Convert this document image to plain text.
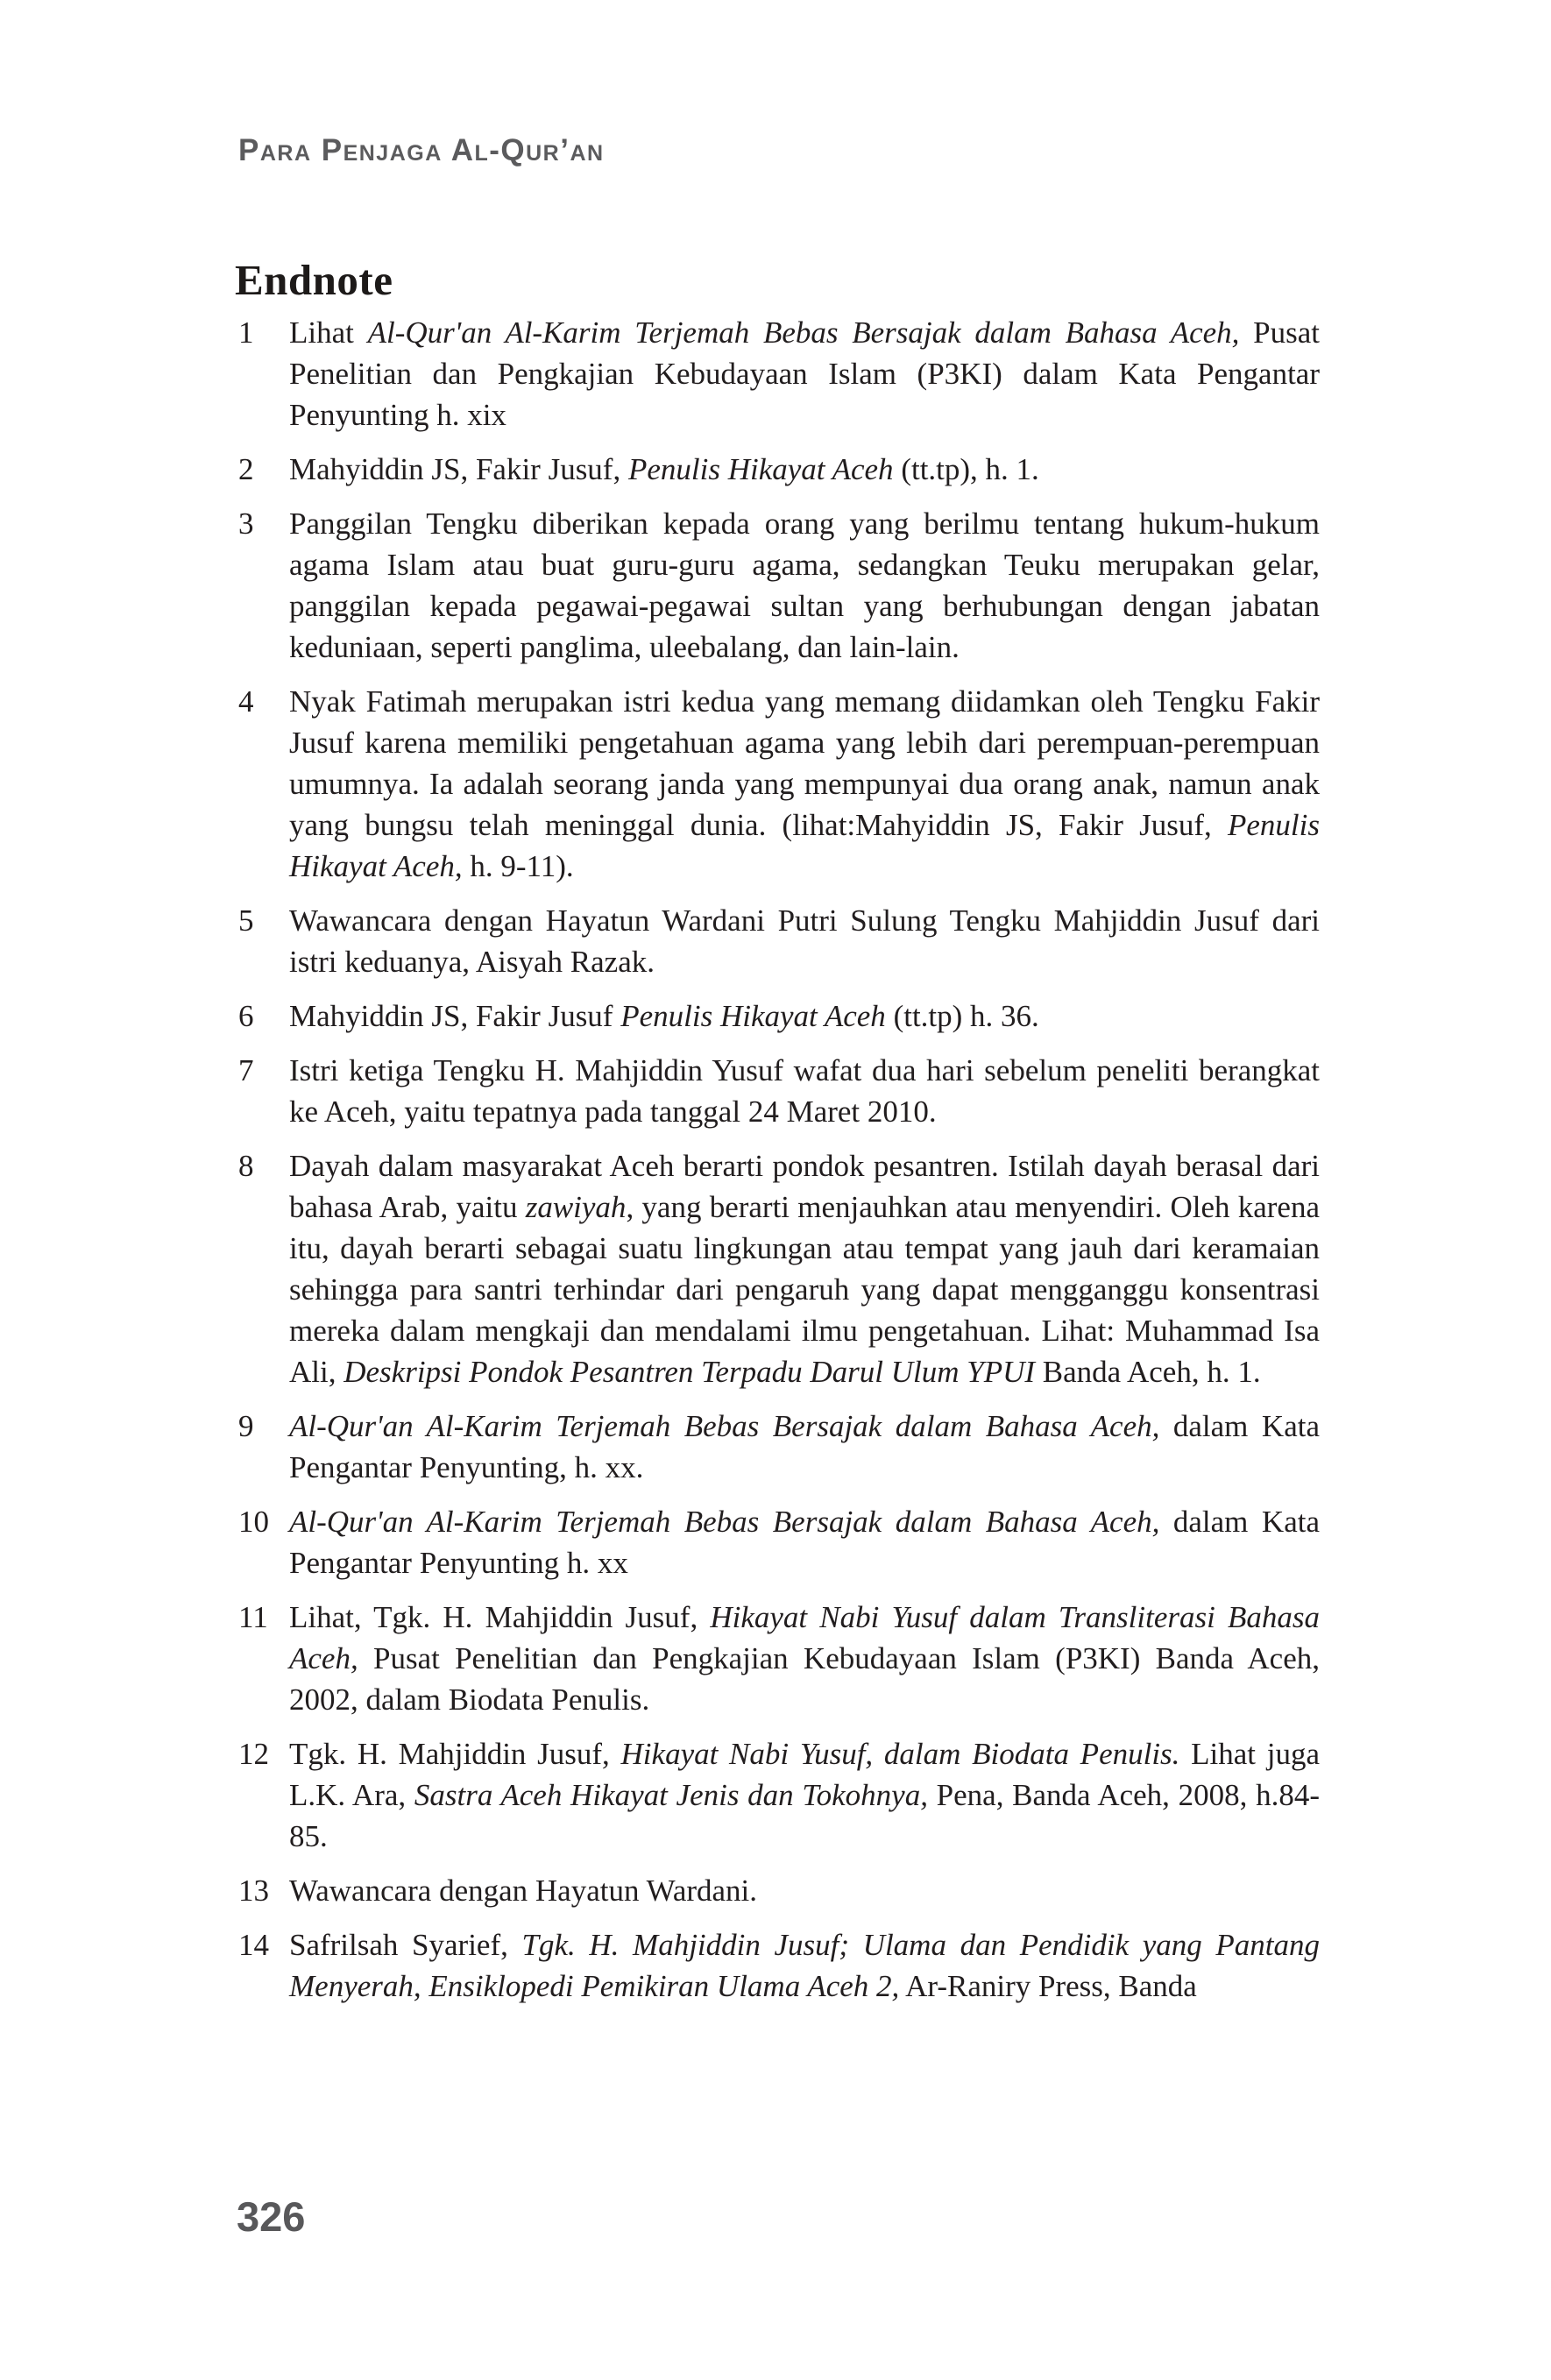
Para Penjaga Al-Qur’an
Endnote
1	Lihat Al-Qur'an Al-Karim Terjemah Bebas Bersajak dalam Bahasa Aceh, Pusat Penelitian dan Pengkajian Kebudayaan Islam (P3KI) dalam Kata Pengantar Penyunting h. xix
2	Mahyiddin JS, Fakir Jusuf, Penulis Hikayat Aceh (tt.tp), h. 1.
3	Panggilan Tengku diberikan kepada orang yang berilmu tentang hukum-hukum agama Islam atau buat guru-guru agama, sedangkan Teuku merupakan gelar, panggilan kepada pegawai-pegawai sultan yang berhubungan dengan jabatan keduniaan, seperti panglima, uleebalang, dan lain-lain.
4	Nyak Fatimah merupakan istri kedua yang memang diidamkan oleh Tengku Fakir Jusuf karena memiliki pengetahuan agama yang lebih dari perempuan-perempuan umumnya. Ia adalah seorang janda yang mempunyai dua orang anak, namun anak yang bungsu telah meninggal dunia. (lihat:Mahyiddin JS, Fakir Jusuf, Penulis Hikayat Aceh, h. 9-11).
5	Wawancara dengan Hayatun Wardani Putri Sulung Tengku Mahjiddin Jusuf dari istri keduanya, Aisyah Razak.
6	Mahyiddin JS, Fakir Jusuf Penulis Hikayat Aceh (tt.tp) h. 36.
7	Istri ketiga Tengku H. Mahjiddin Yusuf wafat dua hari sebelum peneliti berangkat ke Aceh, yaitu tepatnya pada tanggal 24 Maret 2010.
8	Dayah dalam masyarakat Aceh berarti pondok pesantren. Istilah dayah berasal dari bahasa Arab, yaitu zawiyah, yang berarti menjauhkan atau menyendiri. Oleh karena itu, dayah berarti sebagai suatu lingkungan atau tempat yang jauh dari keramaian sehingga para santri terhindar dari pengaruh yang dapat mengganggu konsentrasi mereka dalam mengkaji dan mendalami ilmu pengetahuan. Lihat: Muhammad Isa Ali, Deskripsi Pondok Pesantren Terpadu Darul Ulum YPUI Banda Aceh, h. 1.
9	Al-Qur'an Al-Karim Terjemah Bebas Bersajak dalam Bahasa Aceh, dalam Kata Pengantar Penyunting, h. xx.
10 Al-Qur'an Al-Karim Terjemah Bebas Bersajak dalam Bahasa Aceh, dalam Kata Pengantar Penyunting h. xx
11 Lihat, Tgk. H. Mahjiddin Jusuf, Hikayat Nabi Yusuf dalam Transliterasi Bahasa Aceh, Pusat Penelitian dan Pengkajian Kebudayaan Islam (P3KI) Banda Aceh, 2002, dalam Biodata Penulis.
12 Tgk. H. Mahjiddin Jusuf, Hikayat Nabi Yusuf, dalam Biodata Penulis. Lihat juga L.K. Ara, Sastra Aceh Hikayat Jenis dan Tokohnya, Pena, Banda Aceh, 2008, h.84-85.
13 Wawancara dengan Hayatun Wardani.
14 Safrilsah Syarief, Tgk. H. Mahjiddin Jusuf; Ulama dan Pendidik yang Pantang Menyerah, Ensiklopedi Pemikiran Ulama Aceh 2, Ar-Raniry Press, Banda
326
